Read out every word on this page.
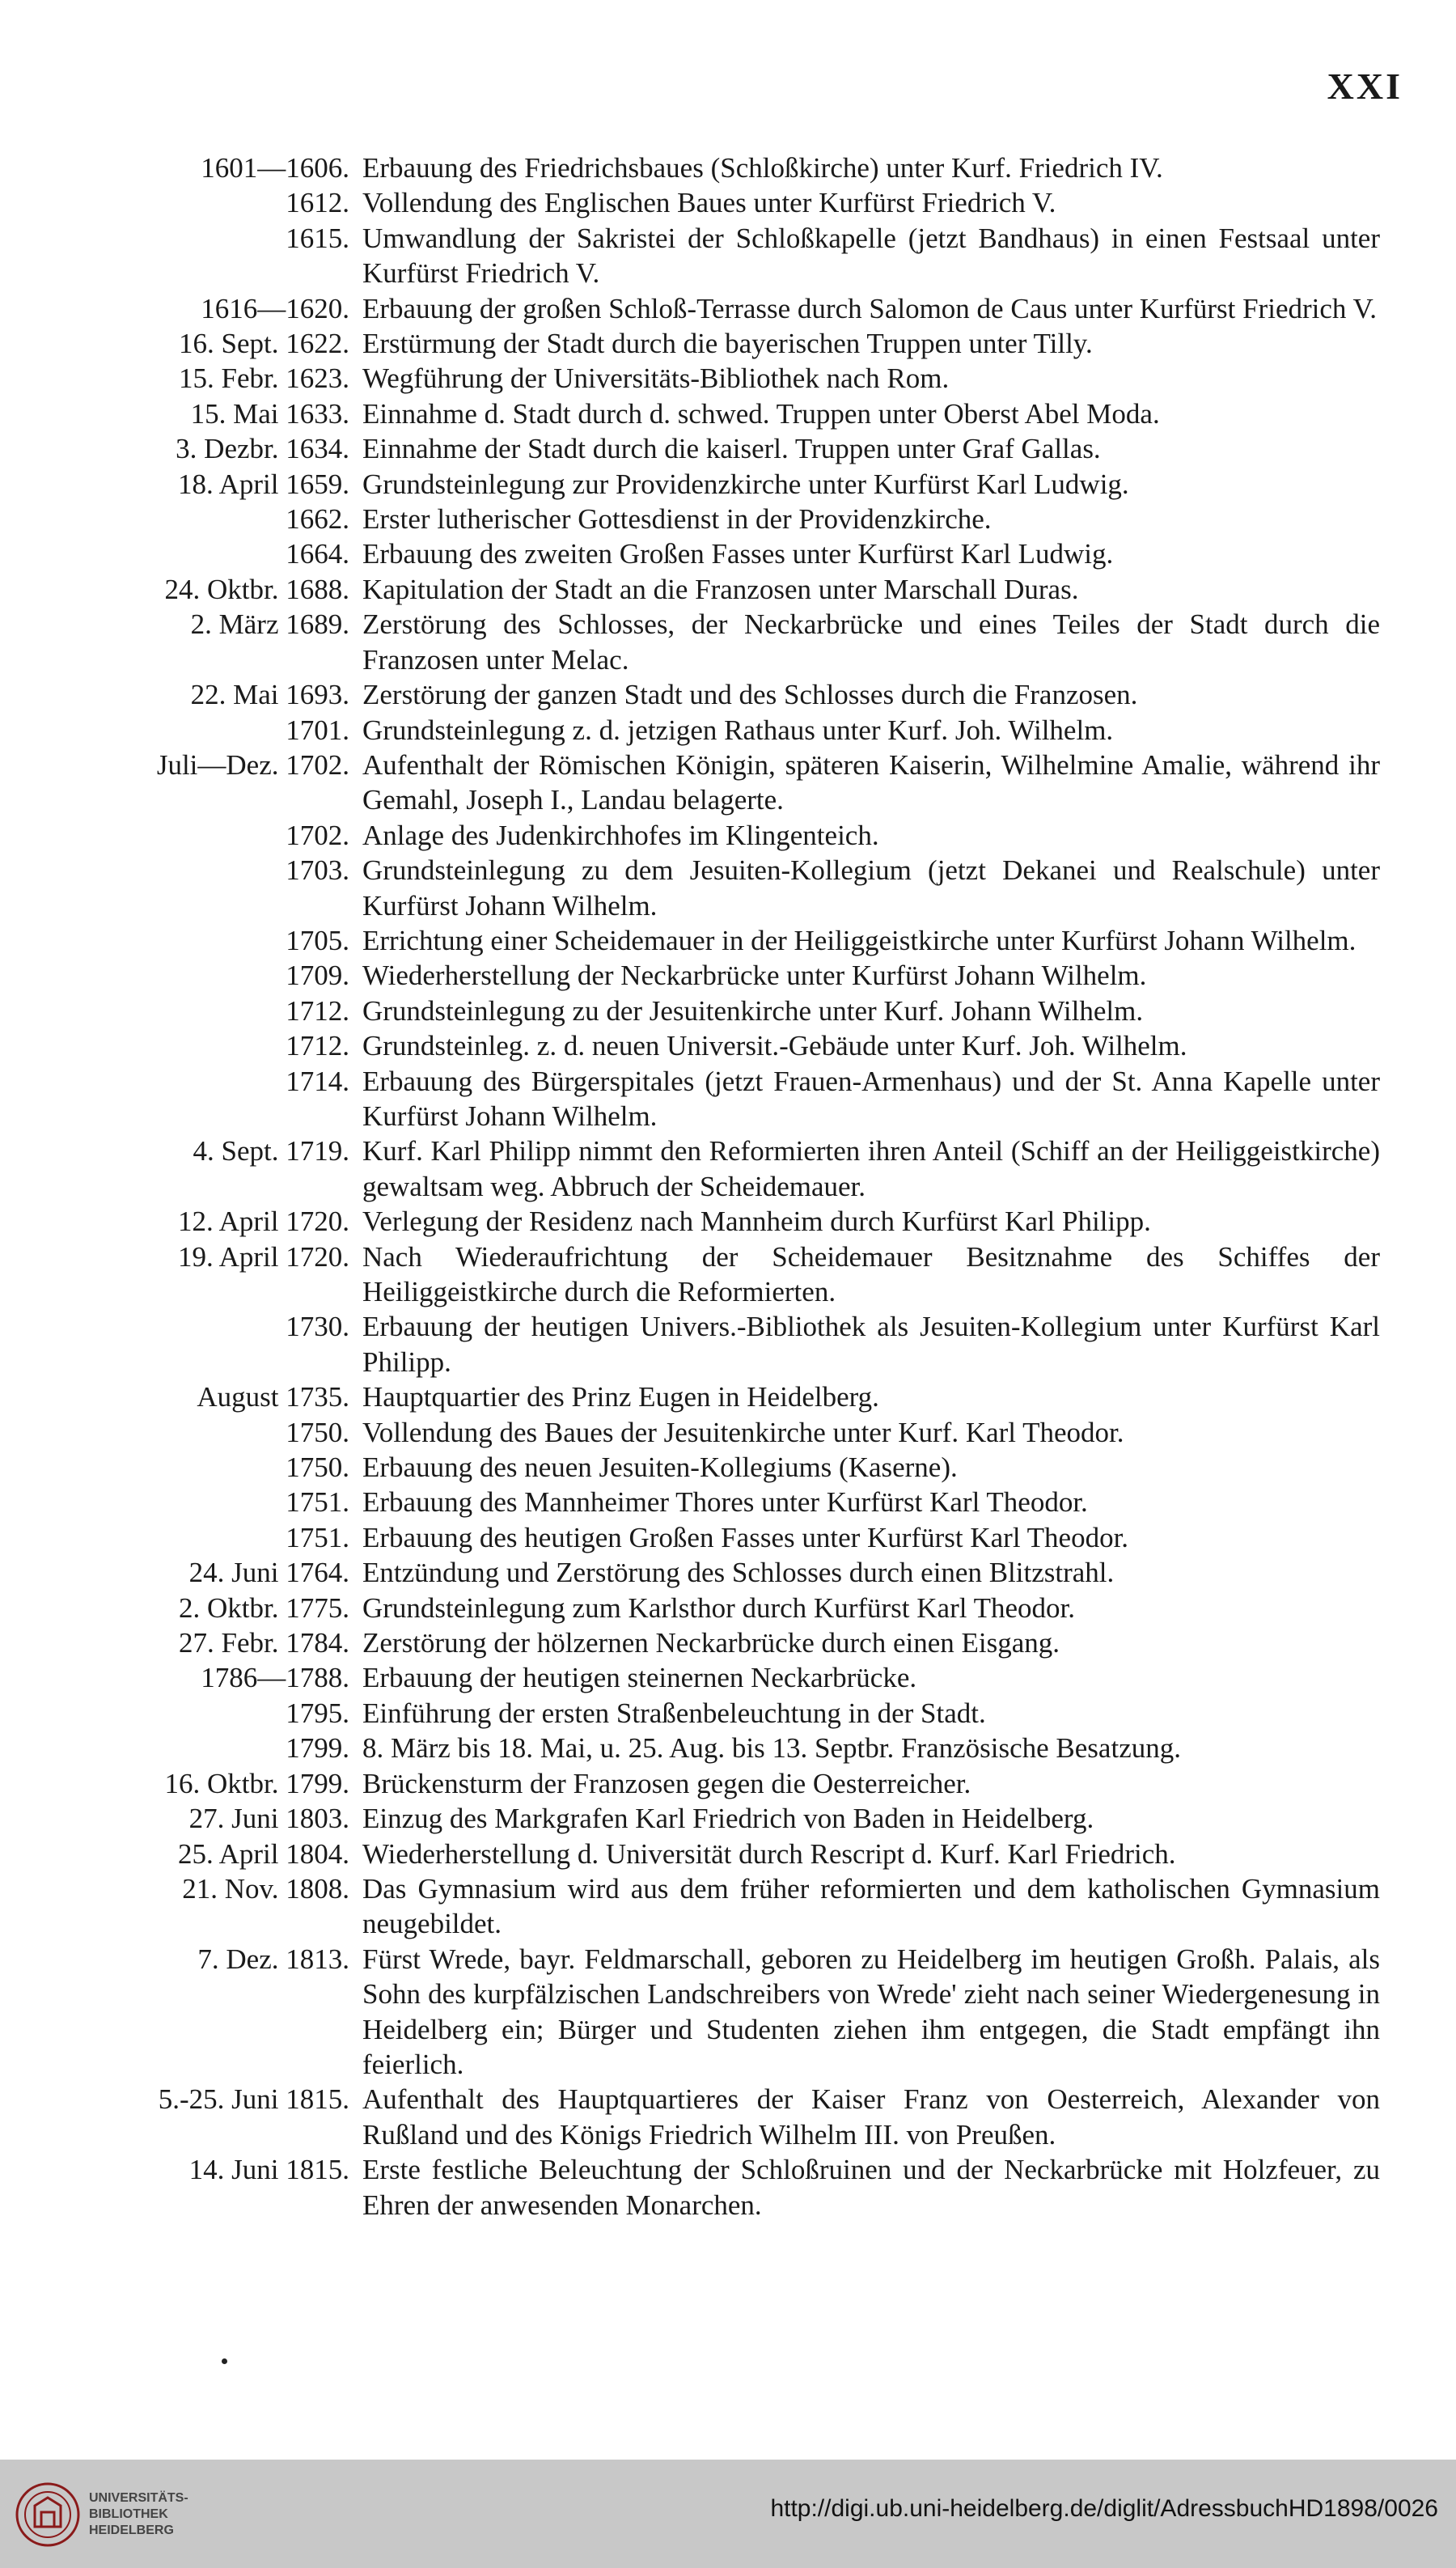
XXI
1601—1606. Erbauung des Friedrichsbaues (Schloßkirche) unter Kurf. Friedrich IV.
1612. Vollendung des Englischen Baues unter Kurfürst Friedrich V.
1615. Umwandlung der Sakristei der Schloßkapelle (jetzt Bandhaus) in einen Festsaal unter Kurfürst Friedrich V.
1616—1620. Erbauung der großen Schloß-Terrasse durch Salomon de Caus unter Kurfürst Friedrich V.
16. Sept. 1622. Erstürmung der Stadt durch die bayerischen Truppen unter Tilly.
15. Febr. 1623. Wegführung der Universitäts-Bibliothek nach Rom.
15. Mai 1633. Einnahme d. Stadt durch d. schwed. Truppen unter Oberst Abel Moda.
3. Dezbr. 1634. Einnahme der Stadt durch die kaiserl. Truppen unter Graf Gallas.
18. April 1659. Grundsteinlegung zur Providenzkirche unter Kurfürst Karl Ludwig.
1662. Erster lutherischer Gottesdienst in der Providenzkirche.
1664. Erbauung des zweiten Großen Fasses unter Kurfürst Karl Ludwig.
24. Oktbr. 1688. Kapitulation der Stadt an die Franzosen unter Marschall Duras.
2. März 1689. Zerstörung des Schlosses, der Neckarbrücke und eines Teiles der Stadt durch die Franzosen unter Melac.
22. Mai 1693. Zerstörung der ganzen Stadt und des Schlosses durch die Franzosen.
1701. Grundsteinlegung z. d. jetzigen Rathaus unter Kurf. Joh. Wilhelm.
Juli—Dez. 1702. Aufenthalt der Römischen Königin, späteren Kaiserin, Wilhelmine Amalie, während ihr Gemahl, Joseph I., Landau belagerte.
1702. Anlage des Judenkirchhofes im Klingenteich.
1703. Grundsteinlegung zu dem Jesuiten-Kollegium (jetzt Dekanei und Realschule) unter Kurfürst Johann Wilhelm.
1705. Errichtung einer Scheidemauer in der Heiliggeistkirche unter Kurfürst Johann Wilhelm.
1709. Wiederherstellung der Neckarbrücke unter Kurfürst Johann Wilhelm.
1712. Grundsteinlegung zu der Jesuitenkirche unter Kurf. Johann Wilhelm.
1712. Grundsteinleg. z. d. neuen Universit.-Gebäude unter Kurf. Joh. Wilhelm.
1714. Erbauung des Bürgerspitales (jetzt Frauen-Armenhaus) und der St. Anna Kapelle unter Kurfürst Johann Wilhelm.
4. Sept. 1719. Kurf. Karl Philipp nimmt den Reformierten ihren Anteil (Schiff an der Heiliggeistkirche) gewaltsam weg. Abbruch der Scheidemauer.
12. April 1720. Verlegung der Residenz nach Mannheim durch Kurfürst Karl Philipp.
19. April 1720. Nach Wiederaufrichtung der Scheidemauer Besitznahme des Schiffes der Heiliggeistkirche durch die Reformierten.
1730. Erbauung der heutigen Univers.-Bibliothek als Jesuiten-Kollegium unter Kurfürst Karl Philipp.
August 1735. Hauptquartier des Prinz Eugen in Heidelberg.
1750. Vollendung des Baues der Jesuitenkirche unter Kurf. Karl Theodor.
1750. Erbauung des neuen Jesuiten-Kollegiums (Kaserne).
1751. Erbauung des Mannheimer Thores unter Kurfürst Karl Theodor.
1751. Erbauung des heutigen Großen Fasses unter Kurfürst Karl Theodor.
24. Juni 1764. Entzündung und Zerstörung des Schlosses durch einen Blitzstrahl.
2. Oktbr. 1775. Grundsteinlegung zum Karlsthor durch Kurfürst Karl Theodor.
27. Febr. 1784. Zerstörung der hölzernen Neckarbrücke durch einen Eisgang.
1786—1788. Erbauung der heutigen steinernen Neckarbrücke.
1795. Einführung der ersten Straßenbeleuchtung in der Stadt.
1799. 8. März bis 18. Mai, u. 25. Aug. bis 13. Septbr. Französische Besatzung.
16. Oktbr. 1799. Brückensturm der Franzosen gegen die Oesterreicher.
27. Juni 1803. Einzug des Markgrafen Karl Friedrich von Baden in Heidelberg.
25. April 1804. Wiederherstellung d. Universität durch Rescript d. Kurf. Karl Friedrich.
21. Nov. 1808. Das Gymnasium wird aus dem früher reformierten und dem katholischen Gymnasium neugebildet.
7. Dez. 1813. Fürst Wrede, bayr. Feldmarschall, geboren zu Heidelberg im heutigen Großh. Palais, als Sohn des kurpfälzischen Landschreibers von Wrede' zieht nach seiner Wiedergenesung in Heidelberg ein; Bürger und Studenten ziehen ihm entgegen, die Stadt empfängt ihn feierlich.
5.-25. Juni 1815. Aufenthalt des Hauptquartieres der Kaiser Franz von Oesterreich, Alexander von Rußland und des Königs Friedrich Wilhelm III. von Preußen.
14. Juni 1815. Erste festliche Beleuchtung der Schloßruinen und der Neckarbrücke mit Holzfeuer, zu Ehren der anwesenden Monarchen.
UNIVERSITÄTS-
BIBLIOTHEK
HEIDELBERG
http://digi.ub.uni-heidelberg.de/diglit/AdressbuchHD1898/0026
